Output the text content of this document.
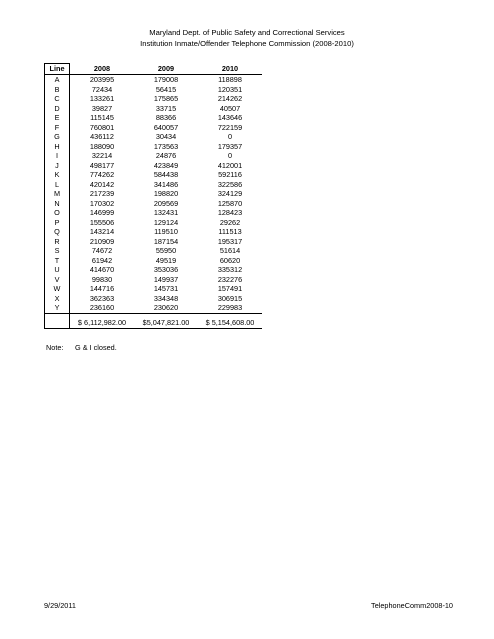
Maryland Dept. of Public Safety and Correctional Services
Institution Inmate/Offender Telephone Commission (2008-2010)
Line	2008	2009	2010
A	203995	179008	118898
B	72434	56415	120351
C	133261	175865	214262
D	39827	33715	40507
E	115145	88366	143646
F	760801	640057	722159
G	436112	30434	0
H	188090	173563	179357
I	32214	24876	0
J	498177	423849	412001
K	774262	584438	592116
L	420142	341486	322586
M	217239	198820	324129
N	170302	209569	125870
O	146999	132431	128423
P	155506	129124	29262
Q	143214	119510	111513
R	210909	187154	195317
S	74672	55950	51614
T	61942	49519	60620
U	414670	353036	335312
V	99830	149937	232276
W	144716	145731	157491
X	362363	334348	306915
Y	236160	230620	229983

	$ 6,112,982.00	$5,047,821.00	$ 5,154,608.00
Note: G & I closed.
9/29/2011	TelephoneComm2008-10
